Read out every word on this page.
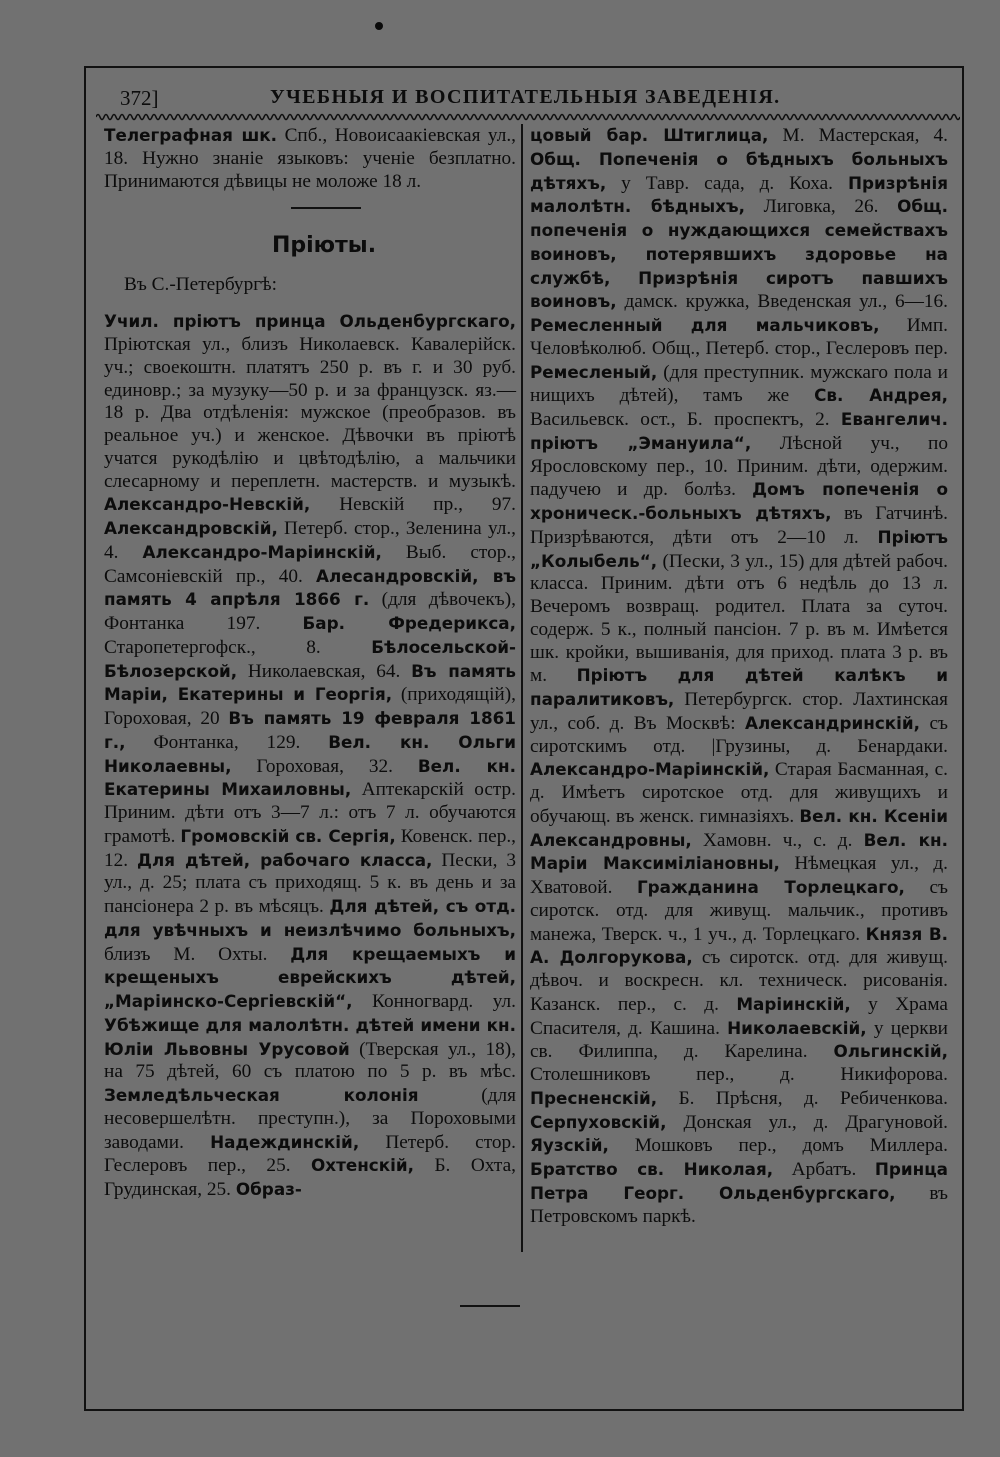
372]	УЧЕБНЫЯ И ВОСПИТАТЕЛЬНЫЯ ЗАВЕДЕНІЯ.

Телеграфная шк. Спб., Новоисаакіевская ул., 18. Нужно знаніе языковъ: ученіе безплатно. Принимаются дѣвицы не моложе 18 л.

Пріюты.

Въ С.-Петербургѣ:

Учил. пріютъ принца Ольденбургскаго, Пріютская ул., близъ Николаевск. Кавалерійск. уч.; своекоштн. платятъ 250 р. въ г. и 30 руб. единовр.; за музуку—50 р. и за французск. яз.—18 р. Два отдѣленія: мужское (преобразов. въ реальное уч.) и женское. Дѣвочки въ пріютѣ учатся рукодѣлію и цвѣтодѣлію, а мальчики слесарному и переплетн. мастерств. и музыкѣ. Александро-Невскій, Невскій пр., 97. Александровскій, Петерб. стор., Зеленина ул., 4. Александро-Маріинскій, Выб. стор., Самсоніевскій пр., 40. Алесандровскій, въ память 4 апрѣля 1866 г. (для дѣвочекъ), Фонтанка 197. Бар. Фредерикса, Старопетергофск., 8. Бѣлосельской-Бѣлозерской, Николаевская, 64. Въ память Маріи, Екатерины и Георгія, (приходящій), Гороховая, 20 Въ память 19 февраля 1861 г., Фонтанка, 129. Вел. кн. Ольги Николаевны, Гороховая, 32. Вел. кн. Екатерины Михаиловны, Аптекарскій остр. Приним. дѣти отъ 3—7 л.: отъ 7 л. обучаются грамотѣ. Громовскій св. Сергія, Ковенск. пер., 12. Для дѣтей, рабочаго класса, Пески, 3 ул., д. 25; плата съ приходящ. 5 к. въ день и за пансіонера 2 р. въ мѣсяцъ. Для дѣтей, съ отд. для увѣчныхъ и неизлѣчимо больныхъ, близъ М. Охты. Для крещаемыхъ и крещеныхъ еврейскихъ дѣтей, „Маріинско-Сергіевскій“, Конногвард. ул. Убѣжище для малолѣтн. дѣтей имени кн. Юліи Львовны Урусовой (Тверская ул., 18), на 75 дѣтей, 60 съ платою по 5 р. въ мѣс. Земледѣльческая колонія (для несовершелѣтн. преступн.), за Пороховыми заводами. Надеждинскій, Петерб. стор. Геслеровъ пер., 25. Охтенскій, Б. Охта, Грудинская, 25. Образ-

цовый бар. Штиглица, М. Мастерская, 4. Общ. Попеченія о бѣдныхъ больныхъ дѣтяхъ, у Тавр. сада, д. Коха. Призрѣнія малолѣтн. бѣдныхъ, Лиговка, 26. Общ. попеченія о нуждающихся семействахъ воиновъ, потерявшихъ здоровье на службѣ, Призрѣнія сиротъ павшихъ воиновъ, дамск. кружка, Введенская ул., 6—16. Ремесленный для мальчиковъ, Имп. Человѣколюб. Общ., Петерб. стор., Геслеровъ пер. Ремесленый, (для преступник. мужскаго пола и нищихъ дѣтей), тамъ же Св. Андрея, Васильевск. ост., Б. проспектъ, 2. Евангелич. пріютъ „Эмануила“, Лѣсной уч., по Ярословскому пер., 10. Приним. дѣти, одержим. падучею и др. болѣз. Домъ попеченія о хроническ.-больныхъ дѣтяхъ, въ Гатчинѣ. Призрѣваются, дѣти отъ 2—10 л. Пріютъ „Колыбель“, (Пески, 3 ул., 15) для дѣтей рабоч. класса. Приним. дѣти отъ 6 недѣль до 13 л. Вечеромъ возвращ. родител. Плата за суточ. содерж. 5 к., полный пансіон. 7 р. въ м. Имѣется шк. кройки, вышиванія, для приход. плата 3 р. въ м. Пріютъ для дѣтей калѣкъ и паралитиковъ, Петербургск. стор. Лахтинская ул., соб. д. Въ Москвѣ: Александринскій, съ сиротскимъ отд. |Грузины, д. Бенардаки. Александро-Маріинскій, Старая Басманная, с. д. Имѣетъ сиротское отд. для живущихъ и обучающ. въ женск. гимназіяхъ. Вел. кн. Ксеніи Александровны, Хамовн. ч., с. д. Вел. кн. Маріи Максиміліановны, Нѣмецкая ул., д. Хватовой. Гражданина Торлецкаго, съ сиротск. отд. для живущ. мальчик., противъ манежа, Тверск. ч., 1 уч., д. Торлецкаго. Князя В. А. Долгорукова, съ сиротск. отд. для живущ. дѣвоч. и воскресн. кл. техническ. рисованія. Казанск. пер., с. д. Маріинскій, у Храма Спасителя, д. Кашина. Николаевскій, у церкви св. Филиппа, д. Карелина. Ольгинскій, Столешниковъ пер., д. Никифорова. Пресненскій, Б. Прѣсня, д. Ребиченкова. Серпуховскій, Донская ул., д. Драгуновой. Яузскій, Мошковъ пер., домъ Миллера. Братство св. Николая, Арбатъ. Принца Петра Георг. Ольденбургскаго, въ Петровскомъ паркѣ.
